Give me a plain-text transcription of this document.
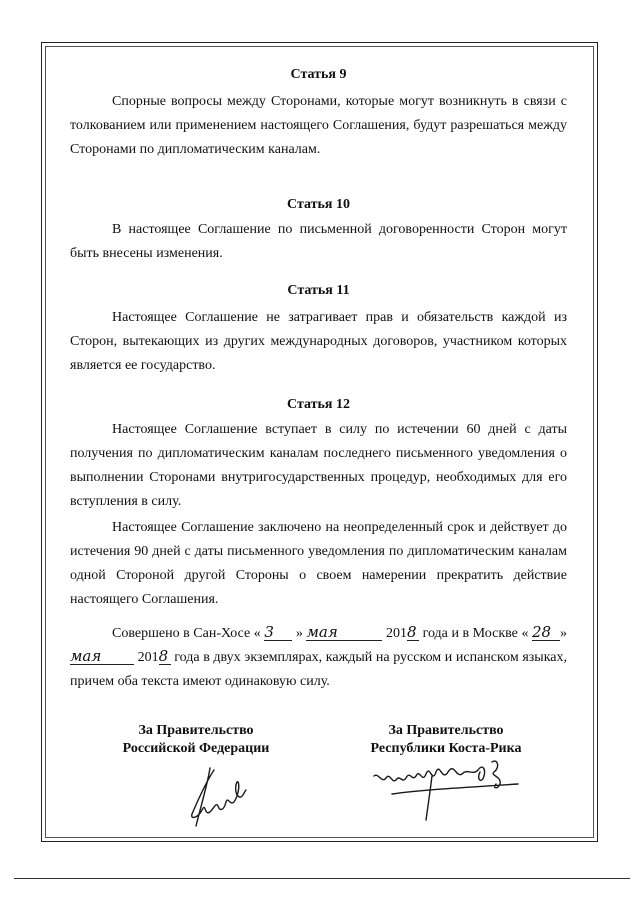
Статья 9

Спорные вопросы между Сторонами, которые могут возникнуть в связи с толкованием или применением настоящего Соглашения, будут разрешаться между Сторонами по дипломатическим каналам.

Статья 10

В настоящее Соглашение по письменной договоренности Сторон могут быть внесены изменения.

Статья 11

Настоящее Соглашение не затрагивает прав и обязательств каждой из Сторон, вытекающих из других международных договоров, участником которых является ее государство.

Статья 12

Настоящее Соглашение вступает в силу по истечении 60 дней с даты получения по дипломатическим каналам последнего письменного уведомления о выполнении Сторонами внутригосударственных процедур, необходимых для его вступления в силу.

Настоящее Соглашение заключено на неопределенный срок и действует до истечения 90 дней с даты письменного уведомления по дипломатическим каналам одной Стороной другой Стороны о своем намерении прекратить действие настоящего Соглашения.

Совершено в Сан-Хосе « 3 » мая	2018 года и в Москве « 28 » мая	2018 года в двух экземплярах, каждый на русском и испанском языках, причем оба текста имеют одинаковую силу.

За Правительство
Российской Федерации
За Правительство
Республики Коста-Рика
